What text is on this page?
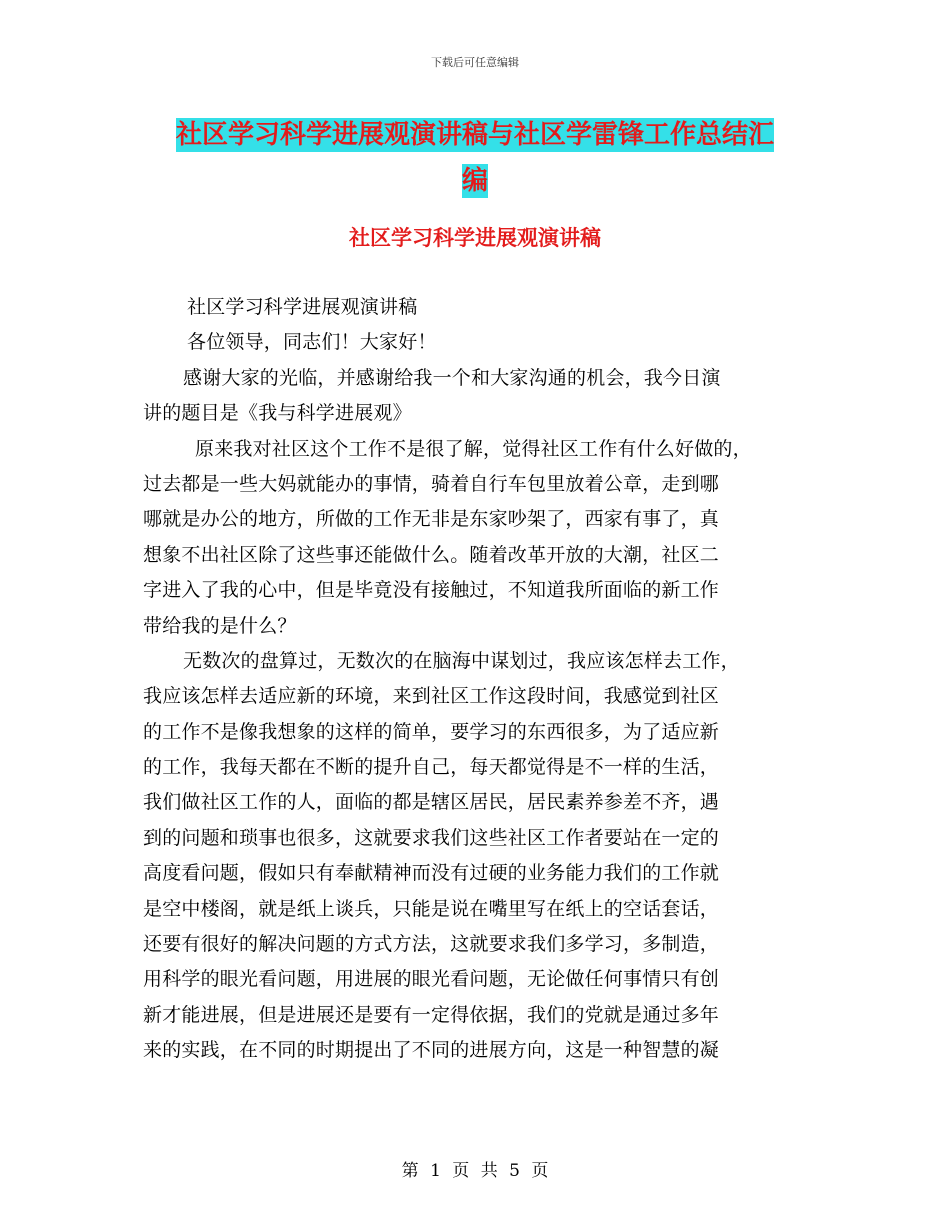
下载后可任意编辑
社区学习科学进展观演讲稿与社区学雷锋工作总结汇
编
社区学习科学进展观演讲稿
社区学习科学进展观演讲稿
各位领导，同志们！大家好！
感谢大家的光临，并感谢给我一个和大家沟通的机会，我今日演
讲的题目是《我与科学进展观》
原来我对社区这个工作不是很了解，觉得社区工作有什么好做的，
过去都是一些大妈就能办的事情，骑着自行车包里放着公章，走到哪
哪就是办公的地方，所做的工作无非是东家吵架了，西家有事了，真
想象不出社区除了这些事还能做什么。随着改革开放的大潮，社区二
字进入了我的心中，但是毕竟没有接触过，不知道我所面临的新工作
带给我的是什么？
无数次的盘算过，无数次的在脑海中谋划过，我应该怎样去工作，
我应该怎样去适应新的环境，来到社区工作这段时间，我感觉到社区
的工作不是像我想象的这样的简单，要学习的东西很多，为了适应新
的工作，我每天都在不断的提升自己，每天都觉得是不一样的生活，
我们做社区工作的人，面临的都是辖区居民，居民素养参差不齐，遇
到的问题和琐事也很多，这就要求我们这些社区工作者要站在一定的
高度看问题，假如只有奉献精神而没有过硬的业务能力我们的工作就
是空中楼阁，就是纸上谈兵，只能是说在嘴里写在纸上的空话套话，
还要有很好的解决问题的方式方法，这就要求我们多学习，多制造，
用科学的眼光看问题，用进展的眼光看问题，无论做任何事情只有创
新才能进展，但是进展还是要有一定得依据，我们的党就是通过多年
来的实践，在不同的时期提出了不同的进展方向，这是一种智慧的凝
第 1 页 共 5 页
